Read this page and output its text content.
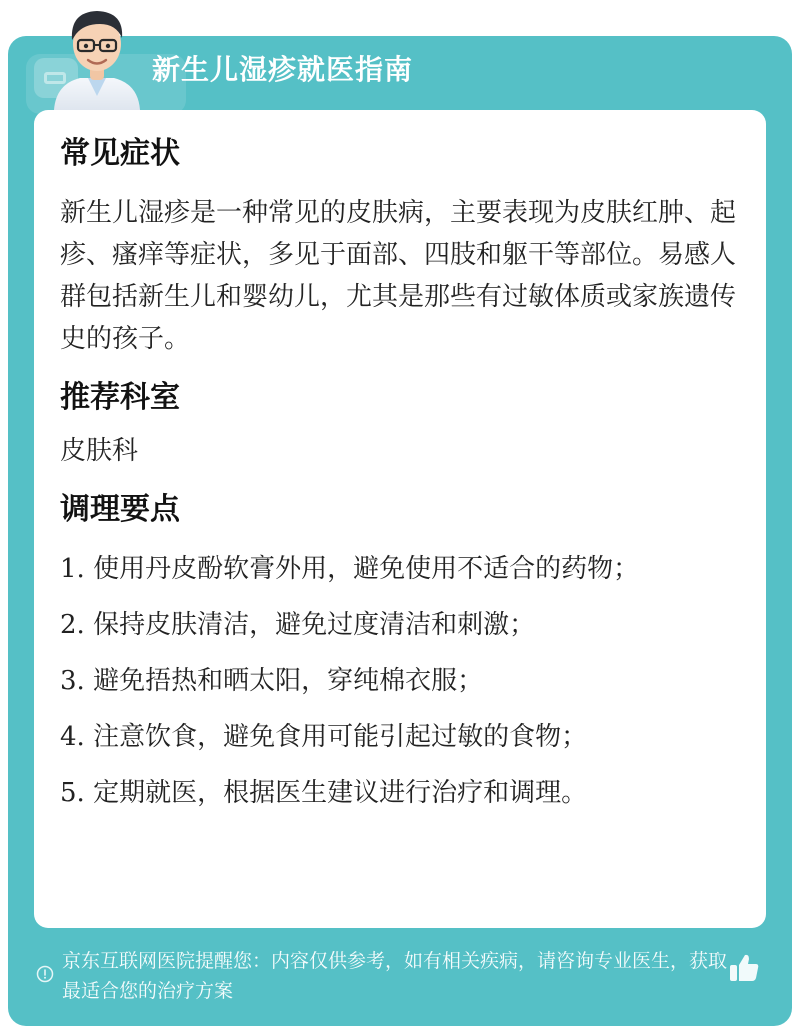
新生儿湿疹就医指南
常见症状

新生儿湿疹是一种常见的皮肤病，主要表现为皮肤红肿、起疹、瘙痒等症状，多见于面部、四肢和躯干等部位。易感人群包括新生儿和婴幼儿，尤其是那些有过敏体质或家族遗传史的孩子。

推荐科室

皮肤科

调理要点
1. 使用丹皮酚软膏外用，避免使用不适合的药物；
2. 保持皮肤清洁，避免过度清洁和刺激；
3. 避免捂热和晒太阳，穿纯棉衣服；
4. 注意饮食，避免食用可能引起过敏的食物；
5. 定期就医，根据医生建议进行治疗和调理。

京东互联网医院提醒您：内容仅供参考，如有相关疾病，请咨询专业医生，获取最适合您的治疗方案
